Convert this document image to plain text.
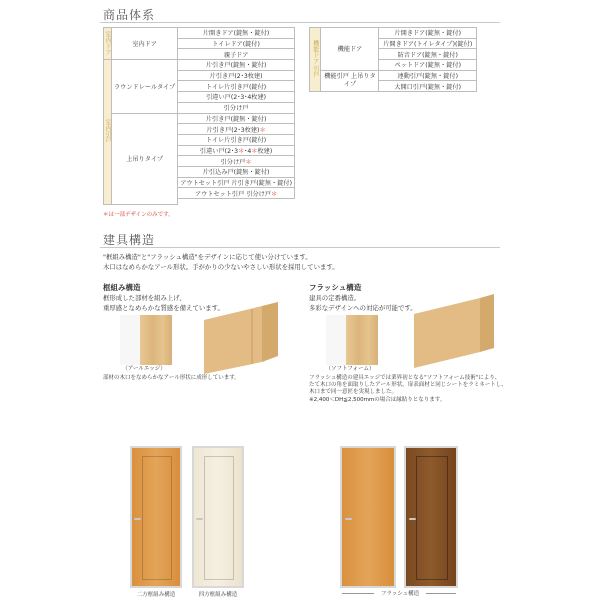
商品体系
室内ドア	室内ドア	片開きドア(錠無・錠付)
		トイレドア(錠付)
		親子ドア
室内引戸	ラウンドレールタイプ	片引き戸(錠無・錠付)
		片引き戸(2･3枚建)
		トイレ片引き戸(錠付)
		引違い戸(2･3･4枚建)
		引分け戸
	上吊りタイプ	片引き戸(錠無・錠付)
		片引き戸(2･3枚建)＊
		トイレ片引き戸(錠付)
		引違い戸(2･3＊･4＊枚建)
		引分け戸＊
		片引込み戸(錠無・錠付)
		アウトセット引戸 片引き戸(錠無・錠付)
		アウトセット引戸 引分け戸＊

＊は一部デザインのみです。
機能ドア 引戸	機能ドア	片開きドア(錠無・錠付)
		片開きドア(トイレタイプ)(錠付)
		防音ドア(錠無・錠付)
		ペットドア(錠無・錠付)
	機能引戸 上吊りタイプ	連動引戸(錠無・錠付)
		大開口引戸(錠無・錠付)
建具構造
"框組み構造"と"フラッシュ構造"をデザインに応じて使い分けています。
木口はなめらかなアール形状。手がかりの少ないやさしい形状を採用しています。
框組み構造
框形成した部材を組み上げ、
重厚感となめらかな質感を備えています。
（アールエッジ）
部材の木口をなめらかなアール形状に成形しています。
フラッシュ構造
建具の定番構造。
多彩なデザインへの対応が可能です。
（ソフトフォーム）
フラッシュ構造の建具エッジでは業界初となる"ソフトフォーム技術"により、
たて木口の角を面取りしたアール形状。扉表面材と同じシートをラミネートし、
木口まで同一意匠を実現しました。
※2,400＜DH≦2,500mmの場合は縁貼りとなります。
二方框組み構造	四方框組み構造	フラッシュ構造
